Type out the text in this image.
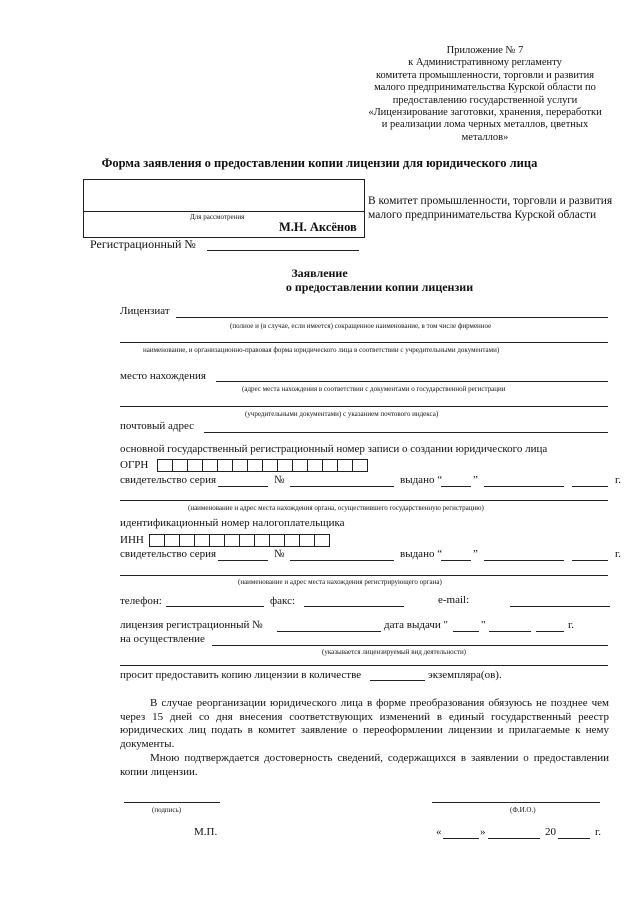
Приложение № 7
к Административному регламенту
комитета промышленности, торговли и развития
малого предпринимательства Курской области по
предоставлению государственной услуги
«Лицензирование заготовки, хранения, переработки
и реализации лома черных металлов, цветных
металлов»
Форма заявления о предоставлении копии лицензии для юридического лица
Для рассмотрения
М.Н. Аксёнов
В комитет промышленности, торговли и развития
малого предпринимательства Курской области
Регистрационный №
Заявление
о предоставлении копии лицензии
Лицензиат
(полное и (в случае, если имеется) сокращенное наименование, в том числе фирменное
наименование, и организационно-правовая форма юридического лица в соответствии с учредительными документами)
место нахождения
(адрес места нахождения в соответствии с документами о государственной регистрации
(учредительными документами) с указанием почтового индекса)
почтовый адрес
основной государственный регистрационный номер записи о создании юридического лица
ОГРН
свидетельство серия	№	выдано “	”	г.
(наименование и адрес места нахождения органа, осуществившего государственную регистрацию)
идентификационный номер налогоплательщика
ИНН
свидетельство серия	№	выдано “	”	г.
(наименование и адрес места нахождения регистрирующего органа)
телефон:	факс:	e-mail:
лицензия регистрационный №	дата выдачи "	"	г.
на осуществление
(указывается лицензируемый вид деятельности)
просит предоставить копию лицензии в количестве	экземпляра(ов).
В случае реорганизации юридического лица в форме преобразования обязуюсь не позднее чем через 15 дней со дня внесения соответствующих изменений в единый государственный реестр юридических лиц подать в комитет заявление о переоформлении лицензии и прилагаемые к нему документы.
Мною подтверждается достоверность сведений, содержащихся в заявлении о предоставлении копии лицензии.
(подпись)	(Ф.И.О.)
М.П.	«	»	20	г.
